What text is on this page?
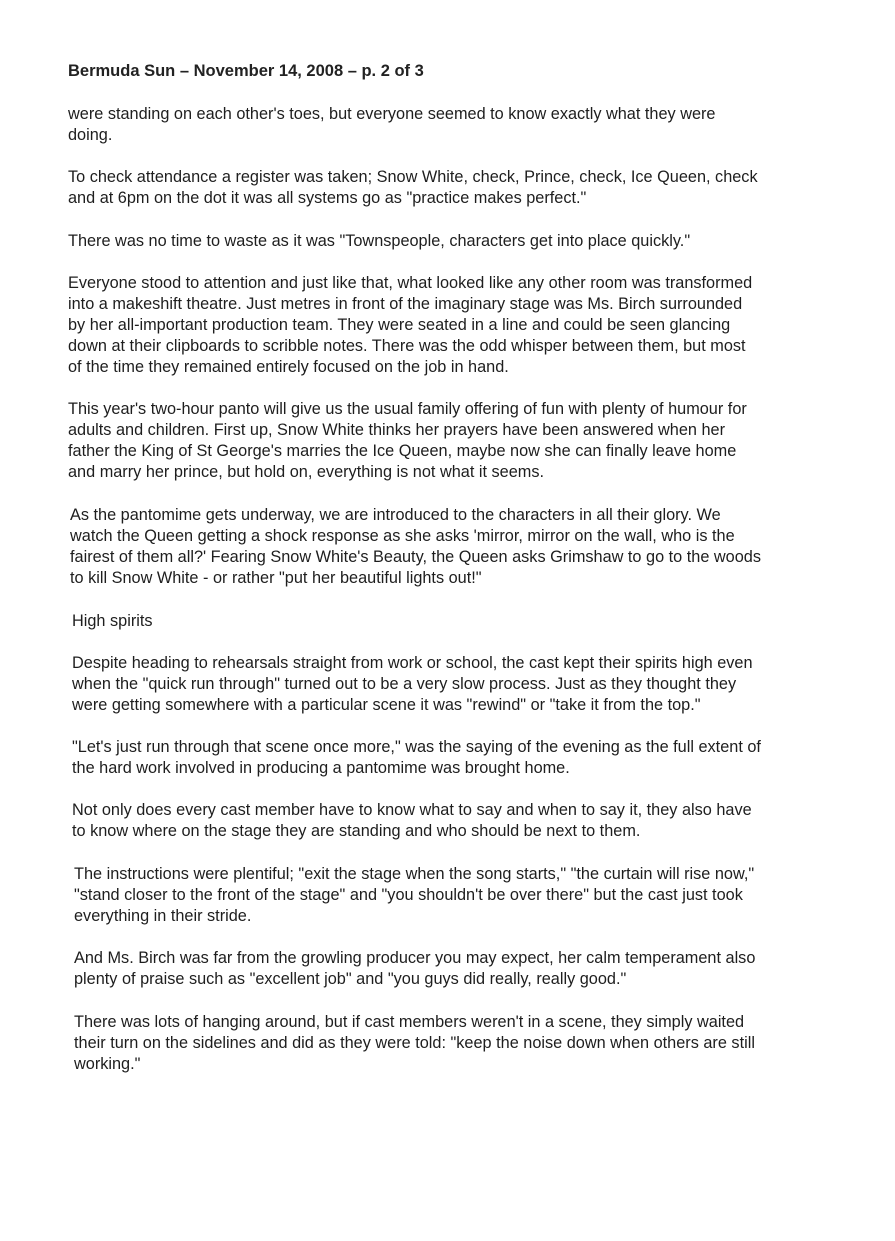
Bermuda Sun – November 14, 2008 – p. 2 of 3
were standing on each other's toes, but everyone seemed to know exactly what they were
doing.
To check attendance a register was taken; Snow White, check, Prince, check, Ice Queen, check
and at 6pm on the dot it was all systems go as "practice makes perfect."
There was no time to waste as it was "Townspeople, characters get into place quickly."
Everyone stood to attention and just like that, what looked like any other room was transformed
into a makeshift theatre. Just metres in front of the imaginary stage was Ms. Birch surrounded
by her all-important production team. They were seated in a line and could be seen glancing
down at their clipboards to scribble notes. There was the odd whisper between them, but most
of the time they remained entirely focused on the job in hand.
This year's two-hour panto will give us the usual family offering of fun with plenty of humour for
adults and children. First up, Snow White thinks her prayers have been answered when her
father the King of St George's marries the Ice Queen, maybe now she can finally leave home
and marry her prince, but hold on, everything is not what it seems.
As the pantomime gets underway, we are introduced to the characters in all their glory. We
watch the Queen getting a shock response as she asks 'mirror, mirror on the wall, who is the
fairest of them all?' Fearing Snow White's Beauty, the Queen asks Grimshaw to go to the woods
to kill Snow White - or rather "put her beautiful lights out!"
High spirits
Despite heading to rehearsals straight from work or school, the cast kept their spirits high even
when the "quick run through" turned out to be a very slow process. Just as they thought they
were getting somewhere with a particular scene it was "rewind" or "take it from the top."
"Let's just run through that scene once more," was the saying of the evening as the full extent of
the hard work involved in producing a pantomime was brought home.
Not only does every cast member have to know what to say and when to say it, they also have
to know where on the stage they are standing and who should be next to them.
The instructions were plentiful; "exit the stage when the song starts," "the curtain will rise now,"
"stand closer to the front of the stage" and "you shouldn't be over there" but the cast just took
everything in their stride.
And Ms. Birch was far from the growling producer you may expect, her calm temperament also
plenty of praise such as "excellent job" and "you guys did really, really good."
There was lots of hanging around, but if cast members weren't in a scene, they simply waited
their turn on the sidelines and did as they were told: "keep the noise down when others are still
working."
